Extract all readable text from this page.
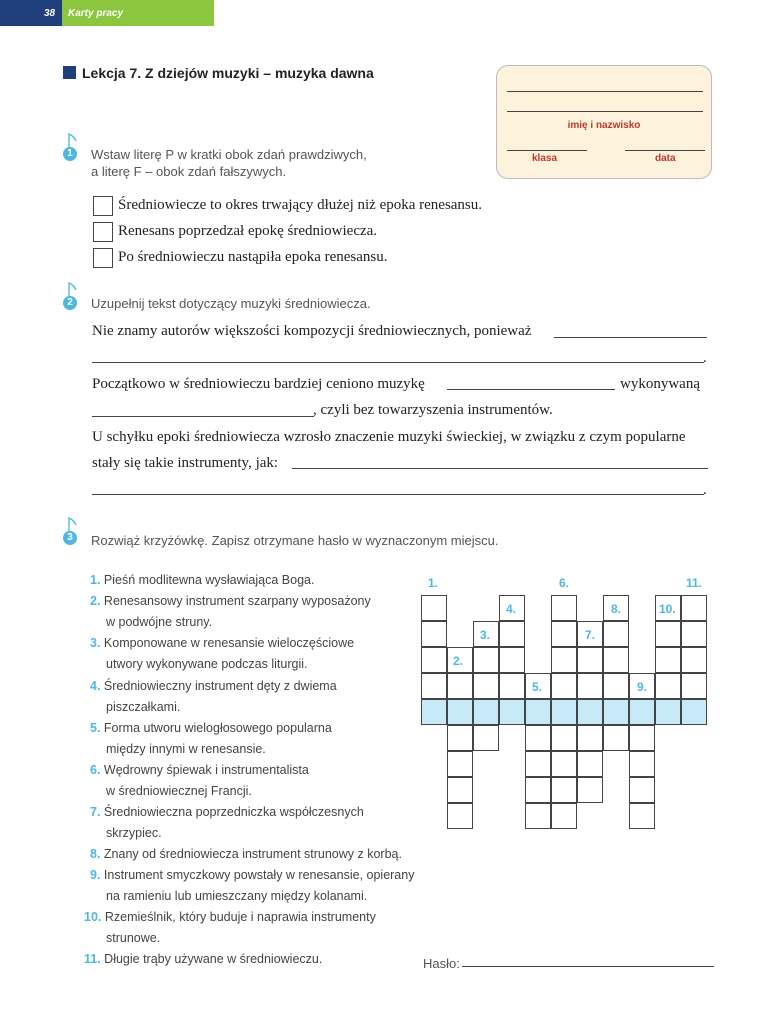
38 Karty pracy
Lekcja 7. Z dziejów muzyki – muzyka dawna
imię i nazwisko
klasa	data
1	Wstaw literę P w kratki obok zdań prawdziwych,
a literę F – obok zdań fałszywych.
Średniowiecze to okres trwający dłużej niż epoka renesansu.
Renesans poprzedzał epokę średniowiecza.
Po średniowieczu nastąpiła epoka renesansu.
2	Uzupełnij tekst dotyczący muzyki średniowiecza.
Nie znamy autorów większości kompozycji średniowiecznych, ponieważ
.
Początkowo w średniowieczu bardziej ceniono muzykę	wykonywaną
, czyli bez towarzyszenia instrumentów.
U schyłku epoki średniowiecza wzrosło znaczenie muzyki świeckiej, w związku z czym popularne
stały się takie instrumenty, jak:
.
3	Rozwiąż krzyżówkę. Zapisz otrzymane hasło w wyznaczonym miejscu.
1. Pieśń modlitewna wysławiająca Boga.
2. Renesansowy instrument szarpany wyposażony
w podwójne struny.
3. Komponowane w renesansie wieloczęściowe
utwory wykonywane podczas liturgii.
4. Średniowieczny instrument dęty z dwiema
piszczałkami.
5. Forma utworu wielogłosowego popularna
między innymi w renesansie.
6. Wędrowny śpiewak i instrumentalista
w średniowiecznej Francji.
7. Średniowieczna poprzedniczka współczesnych
skrzypiec.
8. Znany od średniowiecza instrument strunowy z korbą.
9. Instrument smyczkowy powstały w renesansie, opierany
na ramieniu lub umieszczany między kolanami.
10. Rzemieślnik, który buduje i naprawia instrumenty
strunowe.
11. Długie trąby używane w średniowieczu.
1.
2.
3.
4.
5.
6.
7.
8.
9.
10.
11.
Hasło:
